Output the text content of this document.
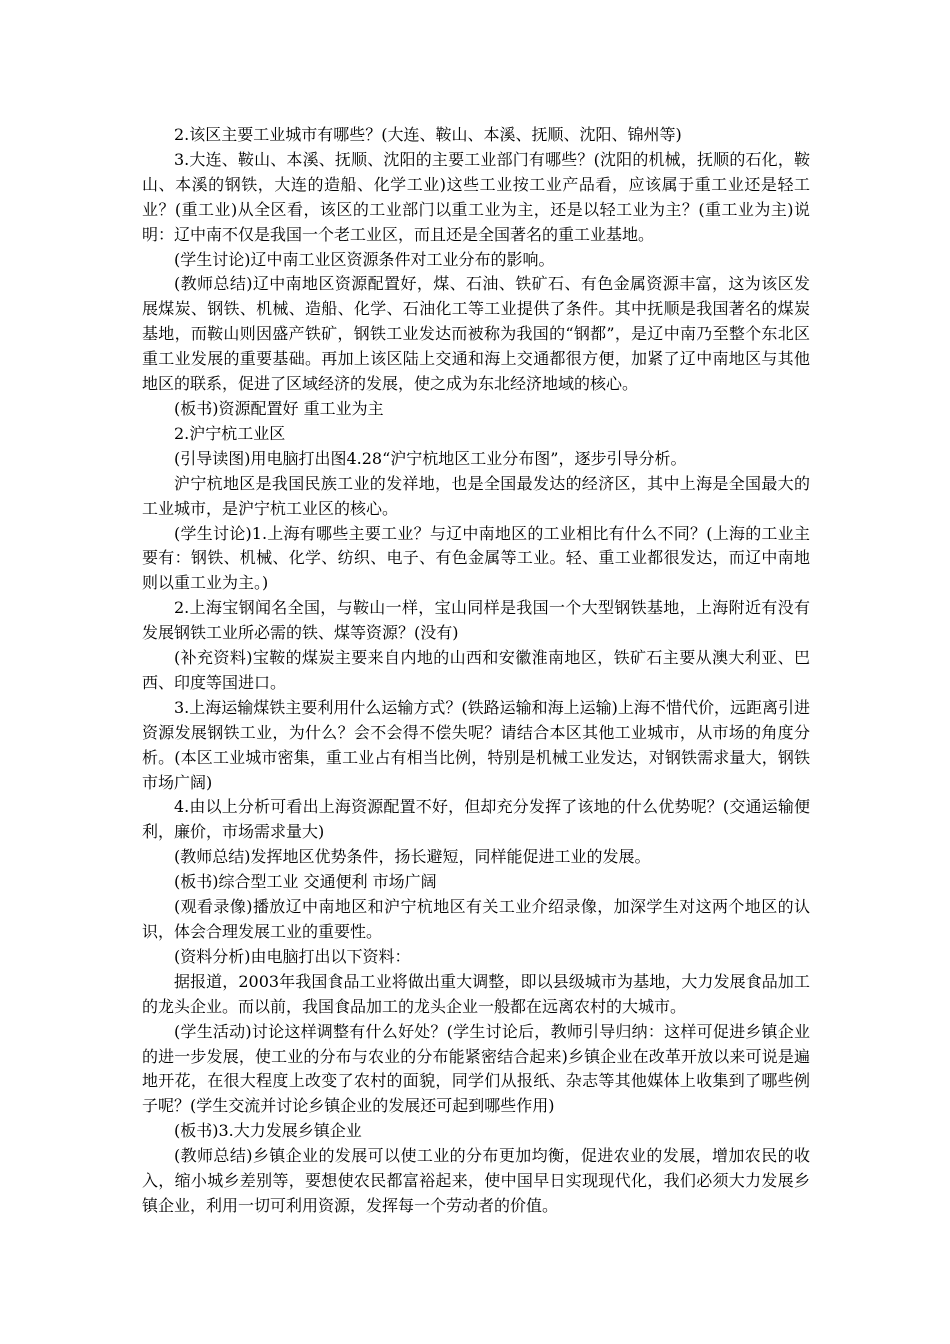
2.该区主要工业城市有哪些？(大连、鞍山、本溪、抚顺、沈阳、锦州等)

3.大连、鞍山、本溪、抚顺、沈阳的主要工业部门有哪些？(沈阳的机械，抚顺的石化，鞍山、本溪的钢铁，大连的造船、化学工业)这些工业按工业产品看，应该属于重工业还是轻工业？(重工业)从全区看，该区的工业部门以重工业为主，还是以轻工业为主？(重工业为主)说明：辽中南不仅是我国一个老工业区，而且还是全国著名的重工业基地。

(学生讨论)辽中南工业区资源条件对工业分布的影响。

(教师总结)辽中南地区资源配置好，煤、石油、铁矿石、有色金属资源丰富，这为该区发展煤炭、钢铁、机械、造船、化学、石油化工等工业提供了条件。其中抚顺是我国著名的煤炭基地，而鞍山则因盛产铁矿，钢铁工业发达而被称为我国的“钢都”，是辽中南乃至整个东北区重工业发展的重要基础。再加上该区陆上交通和海上交通都很方便，加紧了辽中南地区与其他地区的联系，促进了区域经济的发展，使之成为东北经济地域的核心。

(板书)资源配置好 重工业为主

2.沪宁杭工业区

(引导读图)用电脑打出图4.28“沪宁杭地区工业分布图”，逐步引导分析。

沪宁杭地区是我国民族工业的发祥地，也是全国最发达的经济区，其中上海是全国最大的工业城市，是沪宁杭工业区的核心。

(学生讨论)1.上海有哪些主要工业？与辽中南地区的工业相比有什么不同？(上海的工业主要有：钢铁、机械、化学、纺织、电子、有色金属等工业。轻、重工业都很发达，而辽中南地则以重工业为主。)

2.上海宝钢闻名全国，与鞍山一样，宝山同样是我国一个大型钢铁基地，上海附近有没有发展钢铁工业所必需的铁、煤等资源？(没有)

(补充资料)宝鞍的煤炭主要来自内地的山西和安徽淮南地区，铁矿石主要从澳大利亚、巴西、印度等国进口。

3.上海运输煤铁主要利用什么运输方式？(铁路运输和海上运输)上海不惜代价，远距离引进资源发展钢铁工业，为什么？会不会得不偿失呢？请结合本区其他工业城市，从市场的角度分析。(本区工业城市密集，重工业占有相当比例，特别是机械工业发达，对钢铁需求量大，钢铁市场广阔)

4.由以上分析可看出上海资源配置不好，但却充分发挥了该地的什么优势呢？(交通运输便利，廉价，市场需求量大)

(教师总结)发挥地区优势条件，扬长避短，同样能促进工业的发展。

(板书)综合型工业 交通便利 市场广阔

(观看录像)播放辽中南地区和沪宁杭地区有关工业介绍录像，加深学生对这两个地区的认识，体会合理发展工业的重要性。

(资料分析)由电脑打出以下资料：

据报道，2003年我国食品工业将做出重大调整，即以县级城市为基地，大力发展食品加工的龙头企业。而以前，我国食品加工的龙头企业一般都在远离农村的大城市。

(学生活动)讨论这样调整有什么好处？(学生讨论后，教师引导归纳：这样可促进乡镇企业的进一步发展，使工业的分布与农业的分布能紧密结合起来)乡镇企业在改革开放以来可说是遍地开花，在很大程度上改变了农村的面貌，同学们从报纸、杂志等其他媒体上收集到了哪些例子呢？(学生交流并讨论乡镇企业的发展还可起到哪些作用)

(板书)3.大力发展乡镇企业

(教师总结)乡镇企业的发展可以使工业的分布更加均衡，促进农业的发展，增加农民的收入，缩小城乡差别等，要想使农民都富裕起来，使中国早日实现现代化，我们必须大力发展乡镇企业，利用一切可利用资源，发挥每一个劳动者的价值。
